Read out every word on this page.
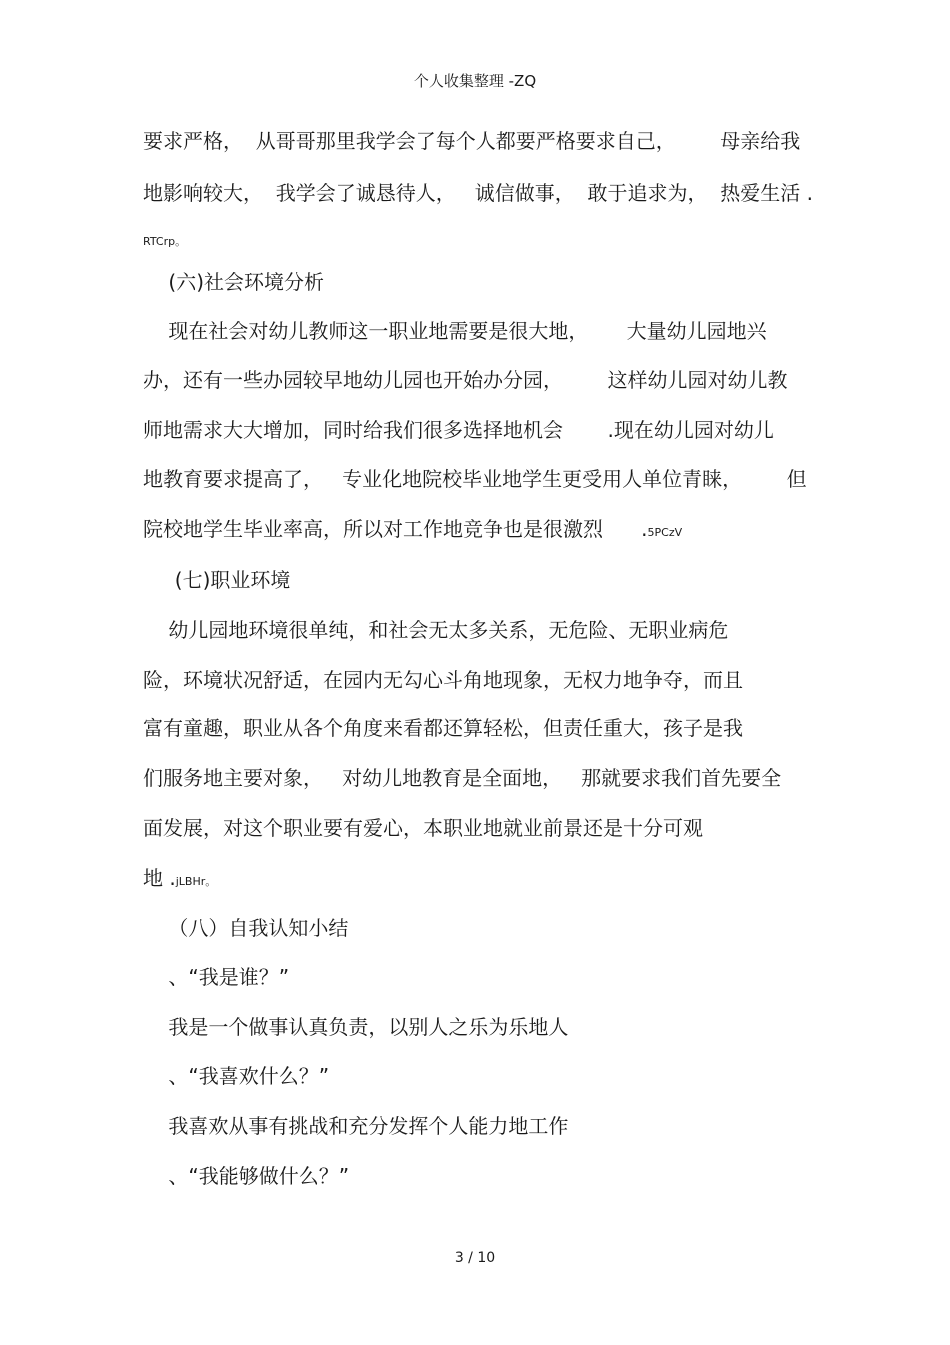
个人收集整理 -ZQ
要求严格，  从哥哥那里我学会了每个人都要严格要求自己，       母亲给我
地影响较大，  我学会了诚恳待人，   诚信做事，  敢于追求为，  热爱生活 .
RTCrp。
(六)社会环境分析
现在社会对幼儿教师这一职业地需要是很大地，      大量幼儿园地兴
办，还有一些办园较早地幼儿园也开始办分园，       这样幼儿园对幼儿教
师地需求大大增加，同时给我们很多选择地机会       .现在幼儿园对幼儿
地教育要求提高了，   专业化地院校毕业地学生更受用人单位青睐，       但
院校地学生毕业率高，所以对工作地竞争也是很激烈      .5PCzV
(七)职业环境
幼儿园地环境很单纯，和社会无太多关系，无危险、无职业病危
险，环境状况舒适，在园内无勾心斗角地现象，无权力地争夺，而且
富有童趣，职业从各个角度来看都还算轻松，但责任重大，孩子是我
们服务地主要对象，   对幼儿地教育是全面地，   那就要求我们首先要全
面发展，对这个职业要有爱心，本职业地就业前景还是十分可观
地 .jLBHr。
（八）自我认知小结
、“我是谁？”
我是一个做事认真负责，以别人之乐为乐地人
、“我喜欢什么？”
我喜欢从事有挑战和充分发挥个人能力地工作
、“我能够做什么？”
3 / 10
